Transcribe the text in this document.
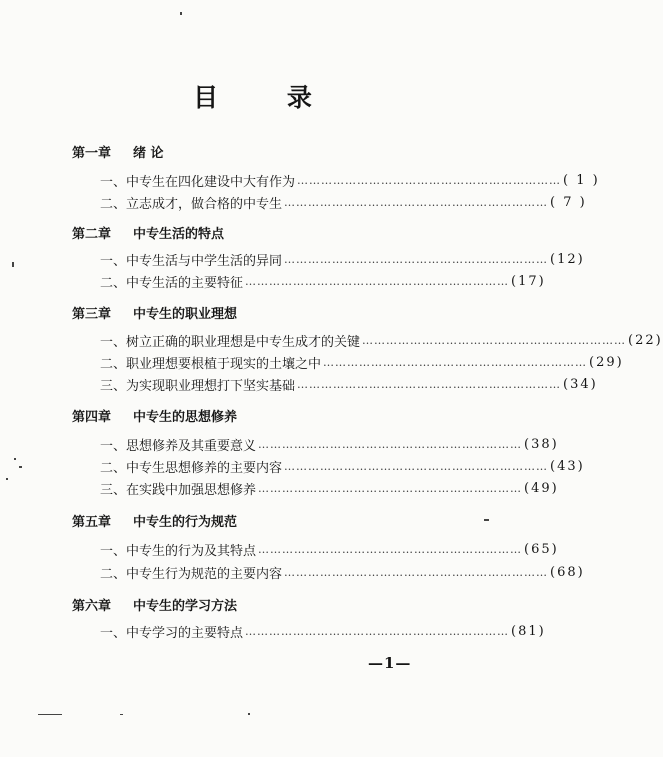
目 录
第一章 绪 论
一、中专生在四化建设中大有作为 ………………………………………………………… ( 1 )
二、立志成才，做合格的中专生 ………………………………………………………… ( 7 )
第二章 中专生活的特点
一、中专生活与中学生活的异同 ………………………………………………………… (12)
二、中专生活的主要特征 ………………………………………………………… (17)
第三章 中专生的职业理想
一、树立正确的职业理想是中专生成才的关键 ………………………………………………………… (22)
二、职业理想要根植于现实的土壤之中 ………………………………………………………… (29)
三、为实现职业理想打下坚实基础 ………………………………………………………… (34)
第四章 中专生的思想修养
一、思想修养及其重要意义 ………………………………………………………… (38)
二、中专生思想修养的主要内容 ………………………………………………………… (43)
三、在实践中加强思想修养 ………………………………………………………… (49)
第五章 中专生的行为规范
一、中专生的行为及其特点 ………………………………………………………… (65)
二、中专生行为规范的主要内容 ………………………………………………………… (68)
第六章 中专生的学习方法
一、中专学习的主要特点 ………………………………………………………… (81)
—1—
